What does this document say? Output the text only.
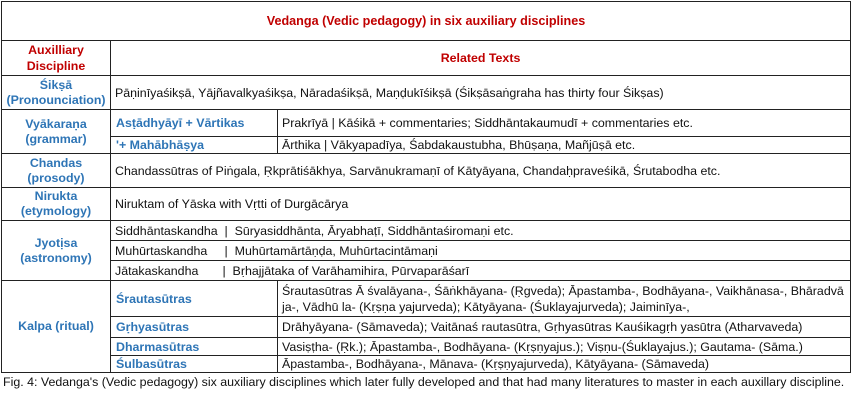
Vedanga (Vedic pedagogy) in six auxiliary disciplines		
Auxilliary Discipline	Related Texts	
Śikṣā (Pronounciation)	Pāṇinīyaśikṣā, Yājñavalkyaśikṣa, Nāradaśikṣā, Maṇḍukīśikṣā (Śikṣāsaṅgraha has thirty four Śikṣas)	
Vyākaraṇa (grammar)	Asṭādhyāyī + Vārtikas	Prakrīyā | Kāśikā + commentaries; Siddhāntakaumudī + commentaries etc.
	'+ Mahābhāṣya	Ārthika | Vākyapadīya, Śabdakaustubha, Bhūṣaṇa, Mañjūṣā etc.
Chandas (prosody)	Chandassūtras of Piṅgala, Ṛkprātiśākhya, Sarvānukramaṇī of Kātyāyana, Chandaḥpraveśikā, Śrutabodha etc.	
Nirukta (etymology)	Niruktam of Yāska with Vṛtti of Durgācārya	
Jyotịsa (astronomy)	Siddhāntaskandha  |  Sūryasiddhānta, Āryabhaṭī, Siddhāntaśiromaṇi etc.	
	Muhūrtaskandha     |  Muhūrtamārtāṇḍa, Muhūrtacintāmaṇi	
	Jātakaskandha       |  Bṛhajjātaka of Varāhamihira, Pūrvaparāśarī	
Kalpa (ritual)	Śrautasūtras	Śrautasūtras Ā śvalāyana-, Śāṅkhāyana- (Ṛgveda); Āpastamba-, Bodhāyana-, Vaikhānasa-, Bhāradvā ja-, Vādhū la- (Kṛṣṇa yajurveda); Kātyāyana- (Śuklayajurveda); Jaiminīya-,
	Gṛhyasūtras	Drāhyāyana- (Sāmaveda); Vaitānaś rautasūtra, Gṛhyasūtras Kauśikagṛh yasūtra (Atharvaveda)
	Dharmasūtras	Vasiṣṭha- (Ṛk.); Āpastamba-, Bodhāyana- (Kṛṣṇyajus.); Viṣṇu-(Śuklayajus.); Gautama- (Sāma.)
	Śulbasūtras	Āpastamba-, Bodhāyana-, Mānava- (Kṛṣṇyajurveda), Kātyāyana- (Sāmaveda)
Fig. 4: Vedanga's (Vedic pedagogy) six auxiliary disciplines which later fully developed and that had many literatures to master in each auxillary discipline.
